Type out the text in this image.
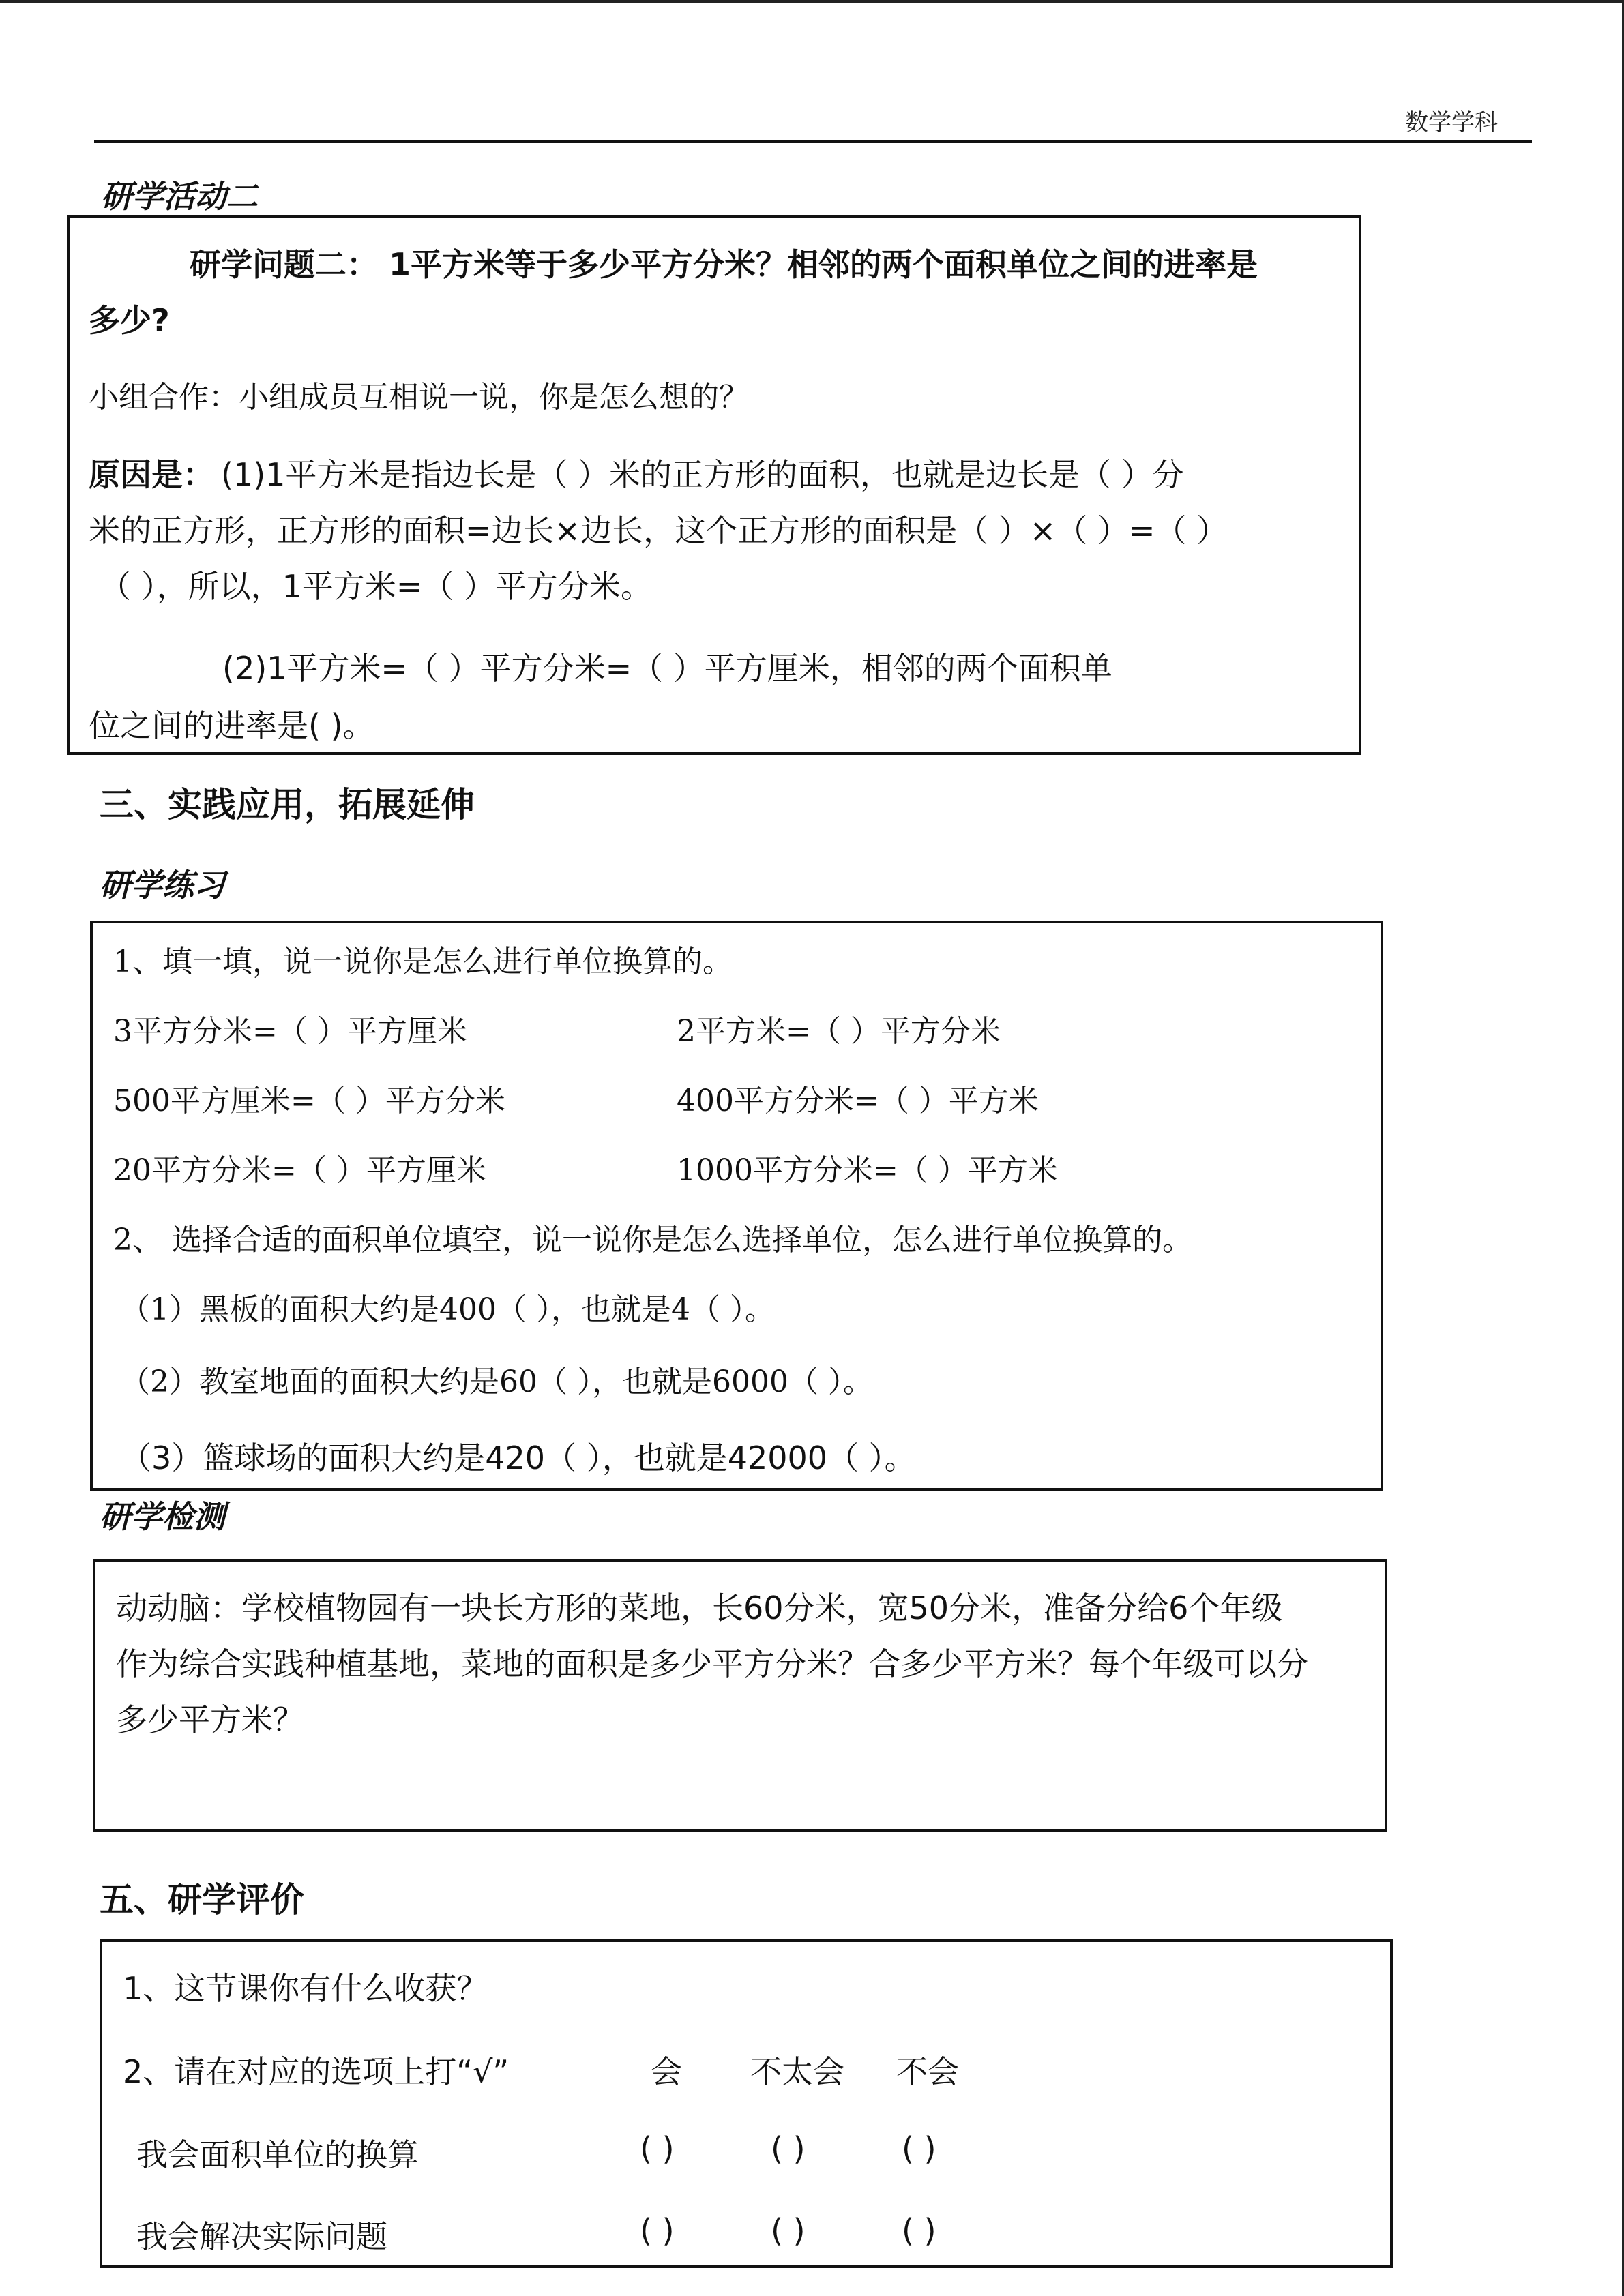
数学学科
研学活动二
研学问题二： 1平方米等于多少平方分米？相邻的两个面积单位之间的进率是
多少?
小组合作：小组成员互相说一说，你是怎么想的？
原因是： (1)1平方米是指边长是（ ）米的正方形的面积，也就是边长是（ ）分
米的正方形，正方形的面积=边长×边长，这个正方形的面积是（ ）×（ ）=（ ）
（ ），所以，1平方米=（ ）平方分米。
(2)1平方米=（ ）平方分米=（ ）平方厘米，相邻的两个面积单
位之间的进率是( )。
三、实践应用，拓展延伸
研学练习
1、填一填，说一说你是怎么进行单位换算的。
3平方分米=（ ）平方厘米	2平方米=（ ）平方分米
500平方厘米=（ ）平方分米	400平方分米=（ ）平方米
20平方分米=（ ）平方厘米	1000平方分米=（ ）平方米
2、 选择合适的面积单位填空，说一说你是怎么选择单位，怎么进行单位换算的。
（1）黑板的面积大约是400（ ），也就是4（ ）。
（2）教室地面的面积大约是60（ ），也就是6000（ ）。
（3）篮球场的面积大约是420（ ），也就是42000（ ）。
研学检测
动动脑：学校植物园有一块长方形的菜地，长60分米，宽50分米，准备分给6个年级
作为综合实践种植基地，菜地的面积是多少平方分米？合多少平方米？每个年级可以分
多少平方米？
五、研学评价
1、这节课你有什么收获？
2、请在对应的选项上打“√”	会 不太会 不会
我会面积单位的换算	( )	( )	( )
我会解决实际问题	( )	( )	( )
